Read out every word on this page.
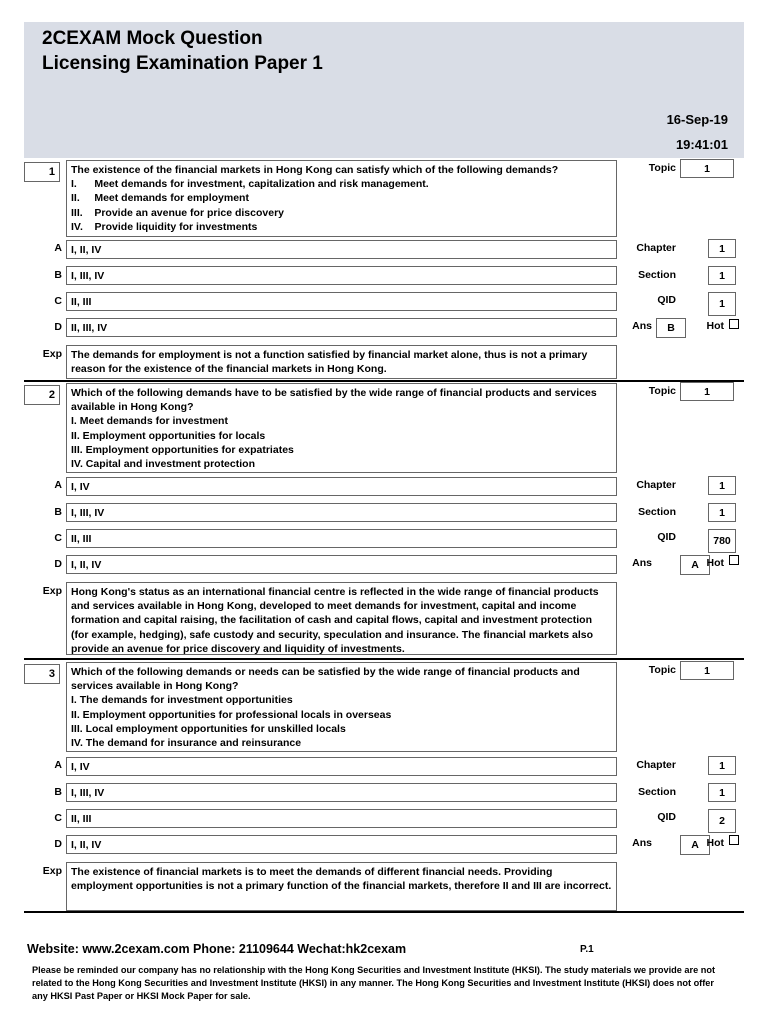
2CEXAM Mock Question
Licensing Examination Paper 1
16-Sep-19
19:41:01
1	The existence of the financial markets in Hong Kong can satisfy which of the following demands?
I.      Meet demands for investment, capitalization and risk management.
II.     Meet demands for employment
III.    Provide an avenue for price discovery
IV.    Provide liquidity for investments
A I, II, IV
B I, III, IV
C II, III
D II, III, IV
Exp The demands for employment is not a function satisfied by financial market alone, thus is not a primary reason for the existence of the financial markets in Hong Kong.
Topic	1
Chapter	1
Section	1
QID	1
Ans	B	Hot
2	Which of the following demands have to be satisfied by the wide range of financial products and services
available in Hong Kong?
I. Meet demands for investment
II. Employment opportunities for locals
III. Employment opportunities for expatriates
IV. Capital and investment protection
A I, IV
B I, III, IV
C II, III
D I, II, IV
Exp Hong Kong's status as an international financial centre is reflected in the wide range of financial products and services available in Hong Kong, developed to meet demands for investment, capital and income formation and capital raising, the facilitation of cash and capital flows, capital and investment protection (for example, hedging), safe custody and security, speculation and insurance. The financial markets also provide an avenue for price discovery and liquidity of investments.
Topic	1
Chapter	1
Section	1
QID	780
Ans	A Hot
3	Which of the following demands or needs can be satisfied by the wide range of financial products and
services available in Hong Kong?
I. The demands for investment opportunities
II. Employment opportunities for professional locals in overseas
III. Local employment opportunities for unskilled locals
IV. The demand for insurance and reinsurance
A I, IV
B I, III, IV
C II, III
D I, II, IV
Exp The existence of financial markets is to meet the demands of different financial needs. Providing employment opportunities is not a primary function of the financial markets, therefore II and III are incorrect.
Topic	1
Chapter	1
Section	1
QID	2
Ans	A Hot
Website: www.2cexam.com Phone: 21109644 Wechat:hk2cexam	P.1
Please be reminded our company has no relationship with the Hong Kong Securities and Investment Institute (HKSI). The study materials we provide are not related to the Hong Kong Securities and Investment Institute (HKSI) in any manner. The Hong Kong Securities and Investment Institute (HKSI) does not offer any HKSI Past Paper or HKSI Mock Paper for sale.
